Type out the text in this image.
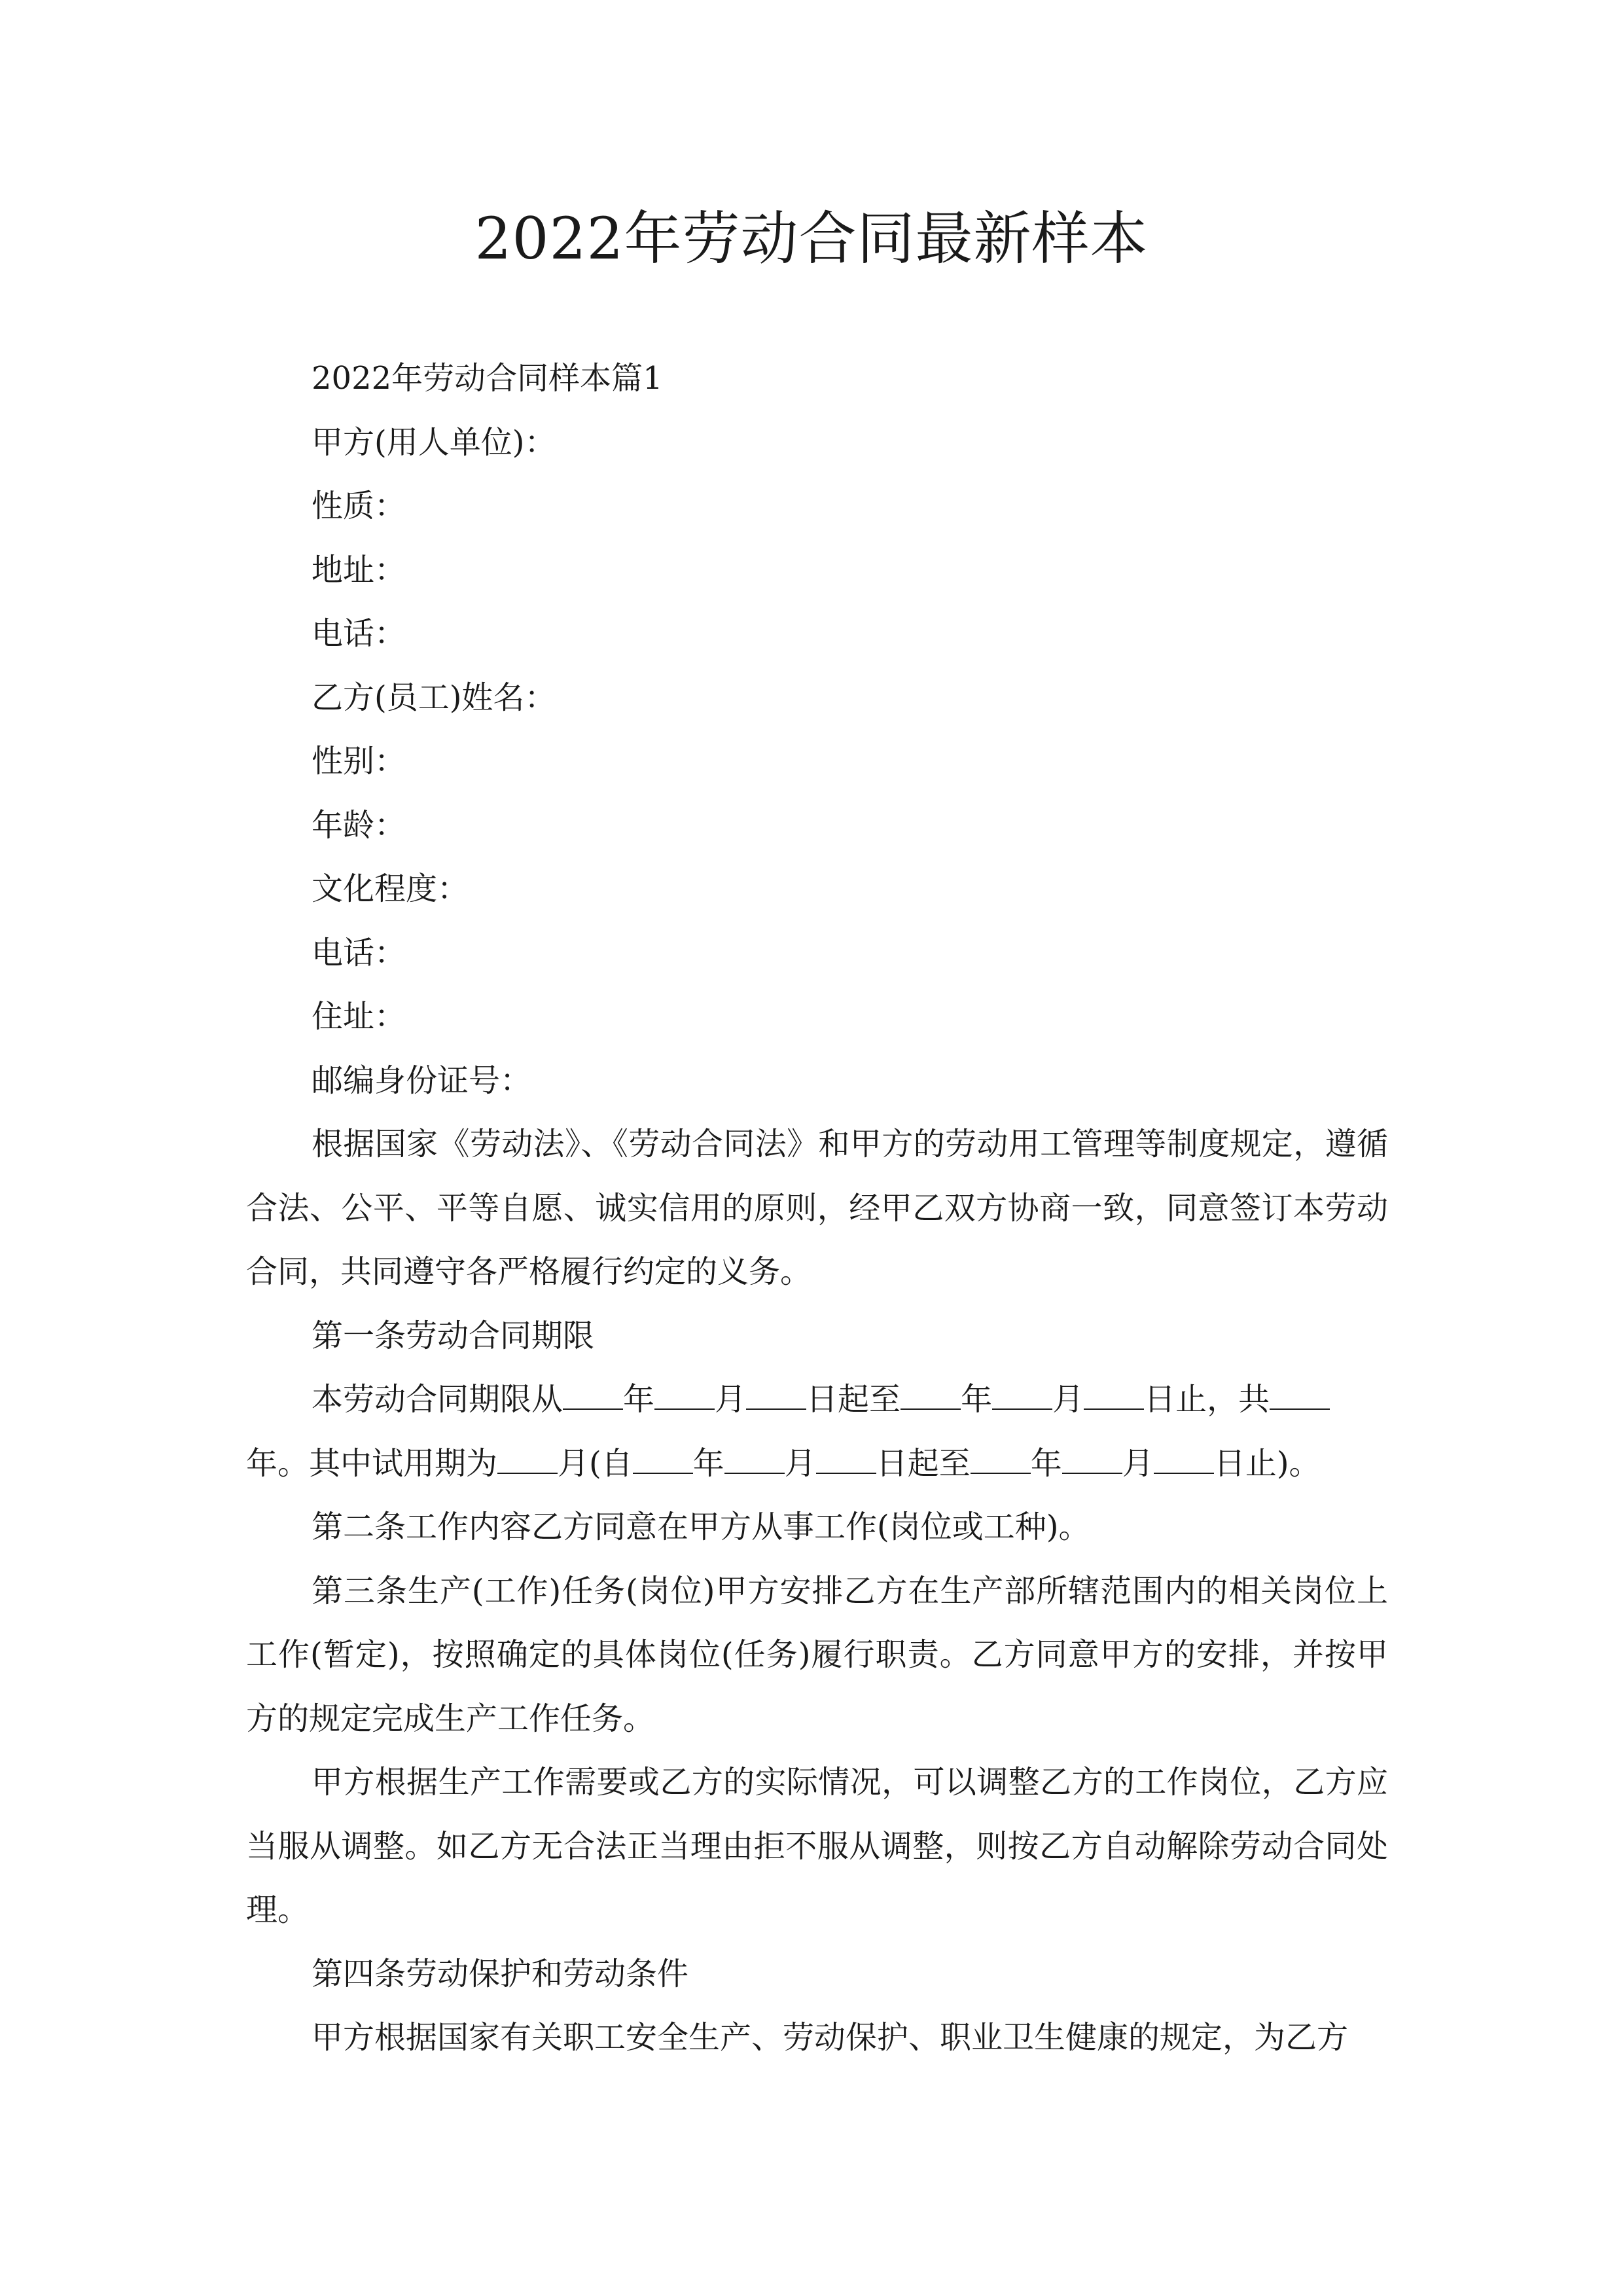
2022年劳动合同最新样本
2022年劳动合同样本篇1
甲方(用人单位)：
性质：
地址：
电话：
乙方(员工)姓名：
性别：
年龄：
文化程度：
电话：
住址：
邮编身份证号：

根据国家《劳动法》、《劳动合同法》和甲方的劳动用工管理等制度规定，遵循合法、公平、平等自愿、诚实信用的原则，经甲乙双方协商一致，同意签订本劳动合同，共同遵守各严格履行约定的义务。

第一条劳动合同期限
本劳动合同期限从 年 月 日起至 年 月 日止，共
年。其中试用期为 月(自 年 月 日起至 年 月 日止)。

第二条工作内容乙方同意在甲方从事工作(岗位或工种)。

第三条生产(工作)任务(岗位)甲方安排乙方在生产部所辖范围内的相关岗位上工作(暂定)，按照确定的具体岗位(任务)履行职责。乙方同意甲方的安排，并按甲方的规定完成生产工作任务。

甲方根据生产工作需要或乙方的实际情况，可以调整乙方的工作岗位，乙方应当服从调整。如乙方无合法正当理由拒不服从调整，则按乙方自动解除劳动合同处理。

第四条劳动保护和劳动条件

甲方根据国家有关职工安全生产、劳动保护、职业卫生健康的规定，为乙方
